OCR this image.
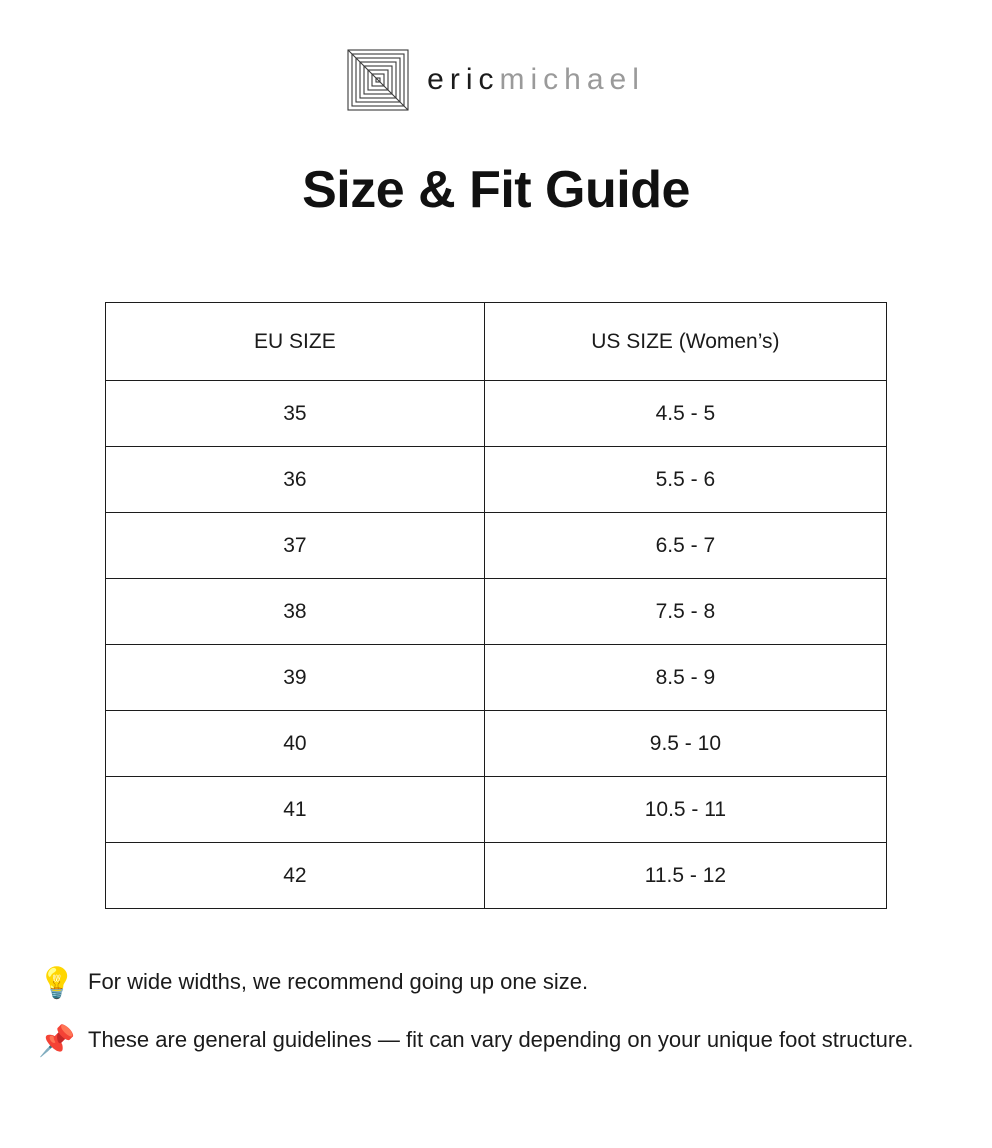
eric michael
Size & Fit Guide
EU SIZE	US SIZE (Women’s)
35	4.5 - 5
36	5.5 - 6
37	6.5 - 7
38	7.5 - 8
39	8.5 - 9
40	9.5 - 10
41	10.5 - 11
42	11.5 - 12
💡 For wide widths, we recommend going up one size.
📌 These are general guidelines — fit can vary depending on your unique foot structure.
